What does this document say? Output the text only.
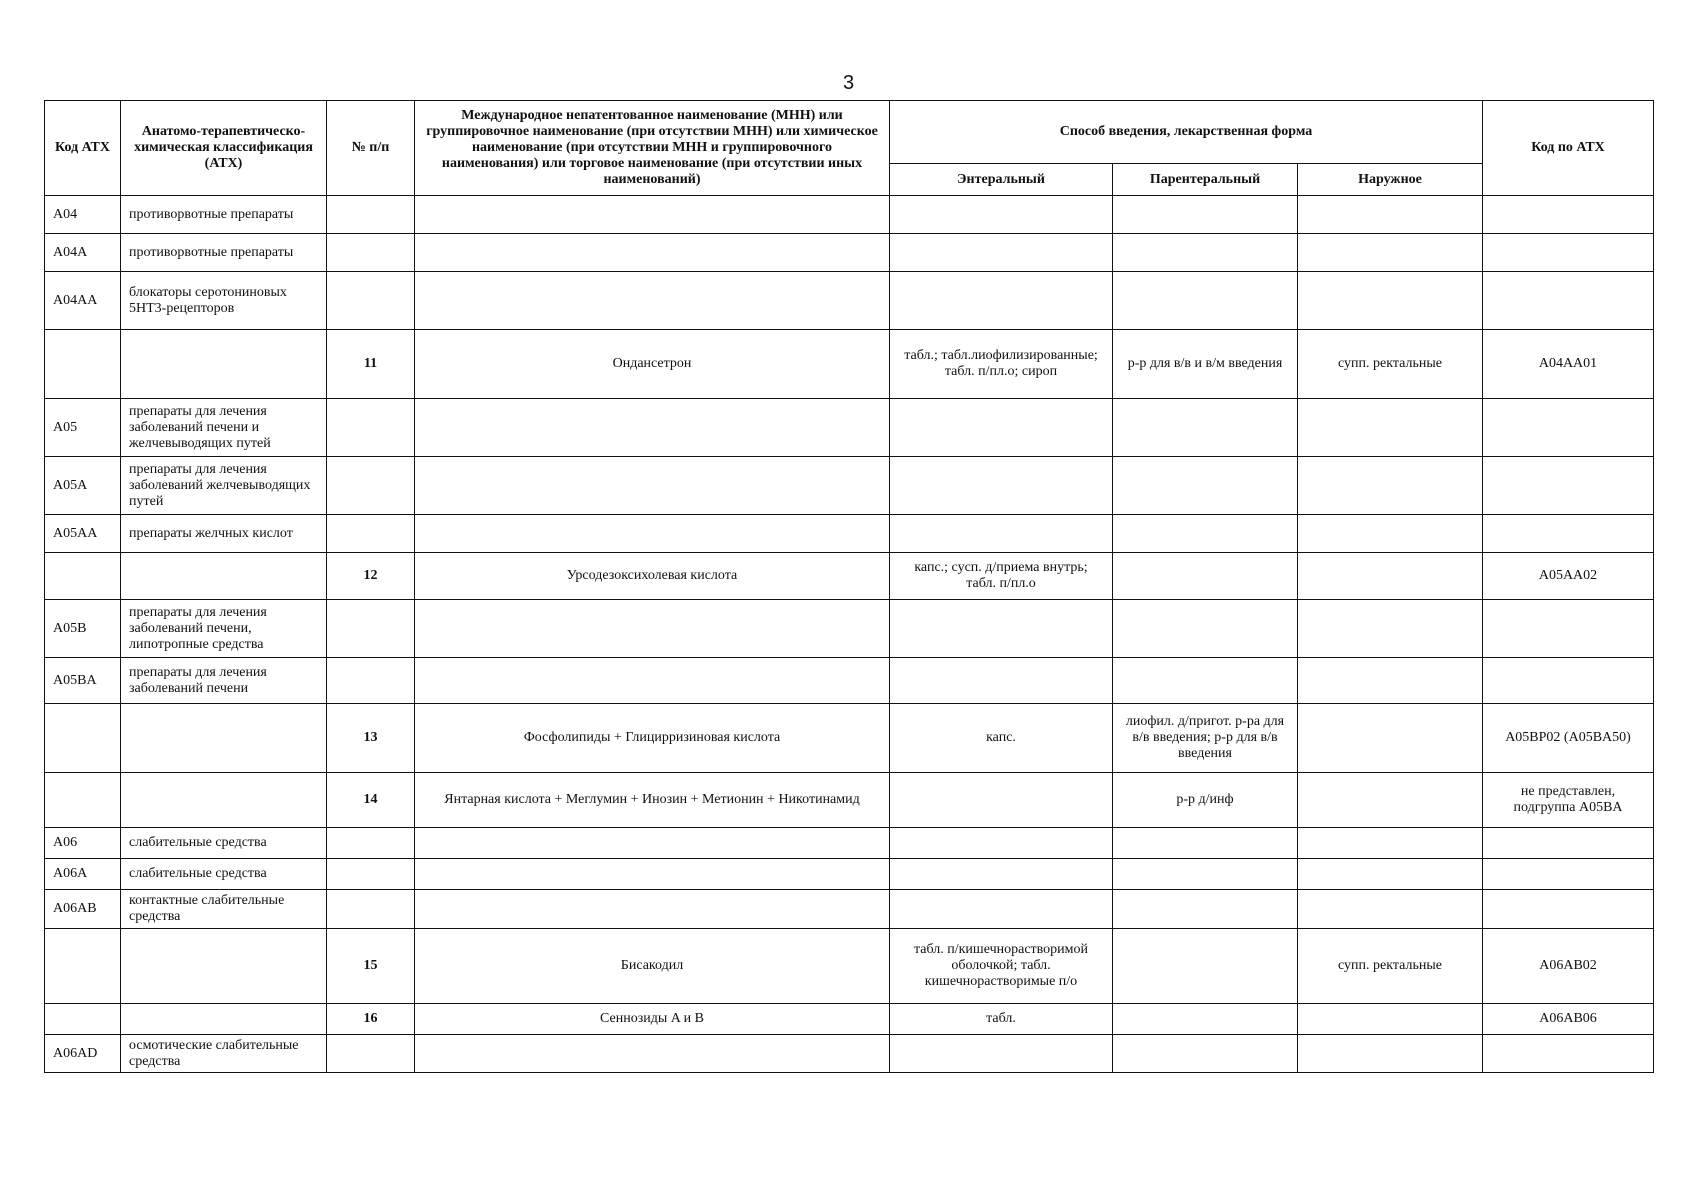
3
Код АТХ	Анатомо-терапевтическо-химическая классификация (АТХ)	№ п/п	Международное непатентованное наименование (МНН) или группировочное наименование (при отсутствии МНН) или химическое наименование (при отсутствии МНН и группировочного наименования) или торговое наименование (при отсутствии иных наименований)	Способ введения, лекарственная форма			Код по АТХ
				Энтеральный	Парентеральный	Наружное	
A04	противорвотные препараты						
A04A	противорвотные препараты						
A04AA	блокаторы серотониновых 5HT3-рецепторов						
		11	Ондансетрон	табл.; табл.лиофилизированные; табл. п/пл.о; сироп	р-р для в/в и в/м введения	супп. ректальные	A04AA01
A05	препараты для лечения заболеваний печени и желчевыводящих путей						
A05A	препараты для лечения заболеваний желчевыводящих путей						
A05AA	препараты желчных кислот						
		12	Урсодезоксихолевая кислота	капс.; сусп. д/приема внутрь; табл. п/пл.о			A05AA02
A05B	препараты для лечения заболеваний печени, липотропные средства						
A05BA	препараты для лечения заболеваний печени						
		13	Фосфолипиды + Глицирризиновая кислота	капс.	лиофил. д/пригот. р-ра для в/в введения; р-р для в/в введения		A05BP02 (A05BA50)
		14	Янтарная кислота + Меглумин + Инозин + Метионин + Никотинамид		р-р д/инф		не представлен, подгруппа A05BA
A06	слабительные средства						
A06A	слабительные средства						
A06AB	контактные слабительные средства						
		15	Бисакодил	табл. п/кишечнорастворимой оболочкой; табл. кишечнорастворимые п/о		супп. ректальные	A06AB02
		16	Сеннозиды A и B	табл.			A06AB06
A06AD	осмотические слабительные средства						
